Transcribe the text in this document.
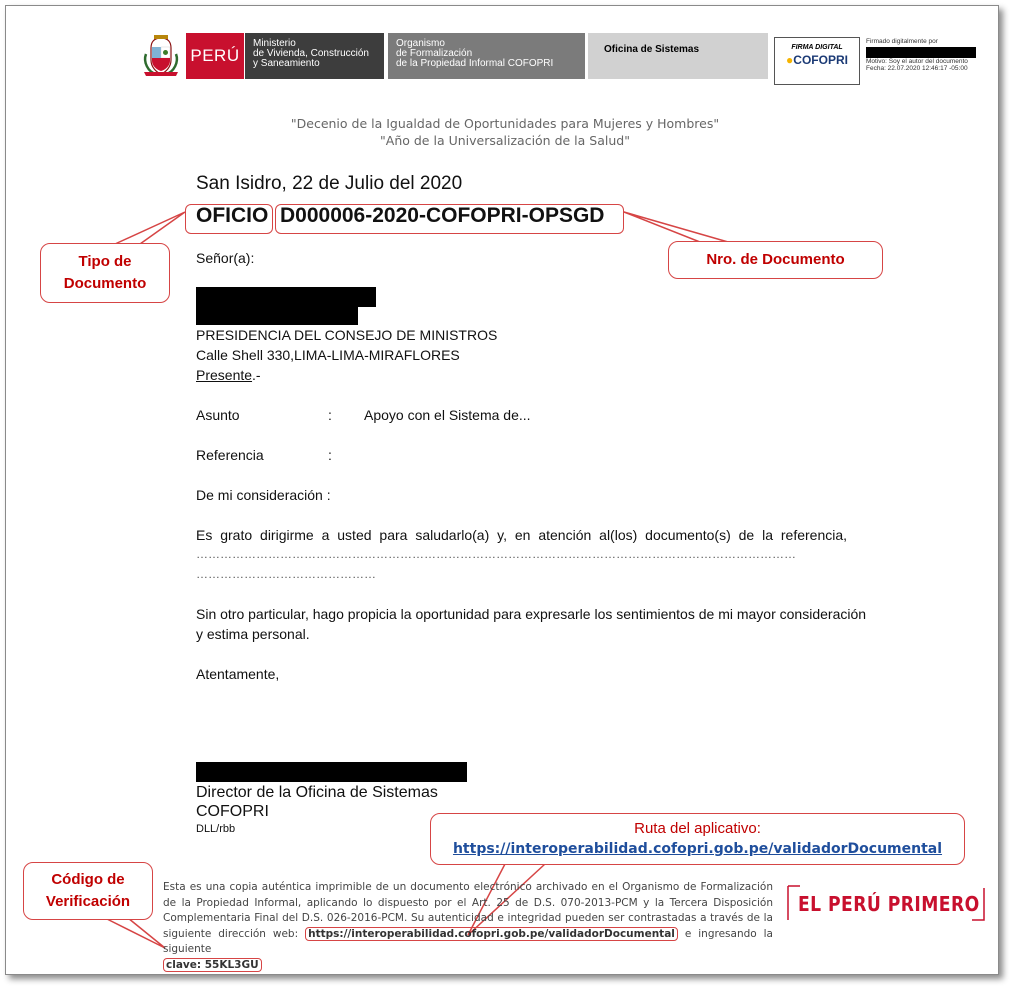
PERÚ
Ministerio
de Vivienda, Construcción
y Saneamiento
Organismo
de Formalización
de la Propiedad Informal COFOPRI
Oficina de Sistemas	FIRMA DIGITAL
●COFOPRI
Firmado digitalmente por
Motivo: Soy el autor del documento
Fecha: 22.07.2020 12:46:17 -05:00
"Decenio de la Igualdad de Oportunidades para Mujeres y Hombres"
"Año de la Universalización de la Salud"
San Isidro, 22 de Julio del 2020
OFICIO D000006-2020-COFOPRI-OPSGD
Señor(a):
PRESIDENCIA DEL CONSEJO DE MINISTROS
Calle Shell 330,LIMA-LIMA-MIRAFLORES
Presente.-
Asunto	: Apoyo con el Sistema de...
Referencia	:
De mi consideración :
Es grato dirigirme a usted para saludarlo(a) y, en atención al(los) documento(s) de la referencia,
……………………………………………………………………………………………………………………………………
………………………………………
Sin otro particular, hago propicia la oportunidad para expresarle los sentimientos de mi mayor consideración
y estima personal.
Atentamente,
Director de la Oficina de Sistemas
COFOPRI
DLL/rbb
Tipo de
Documento
Nro. de Documento
Ruta del aplicativo:
https://interoperabilidad.cofopri.gob.pe/validadorDocumental
Código de
Verificación
Esta es una copia auténtica imprimible de un documento electrónico archivado en el Organismo de Formalización de la Propiedad Informal, aplicando lo dispuesto por el Art. 25 de D.S. 070-2013-PCM y la Tercera Disposición Complementaria Final del D.S. 026-2016-PCM. Su autenticidad e integridad pueden ser contrastadas a través de la siguiente dirección web: https://interoperabilidad.cofopri.gob.pe/validadorDocumental e ingresando la siguiente
clave: 55KL3GU
EL PERÚ PRIMERO
